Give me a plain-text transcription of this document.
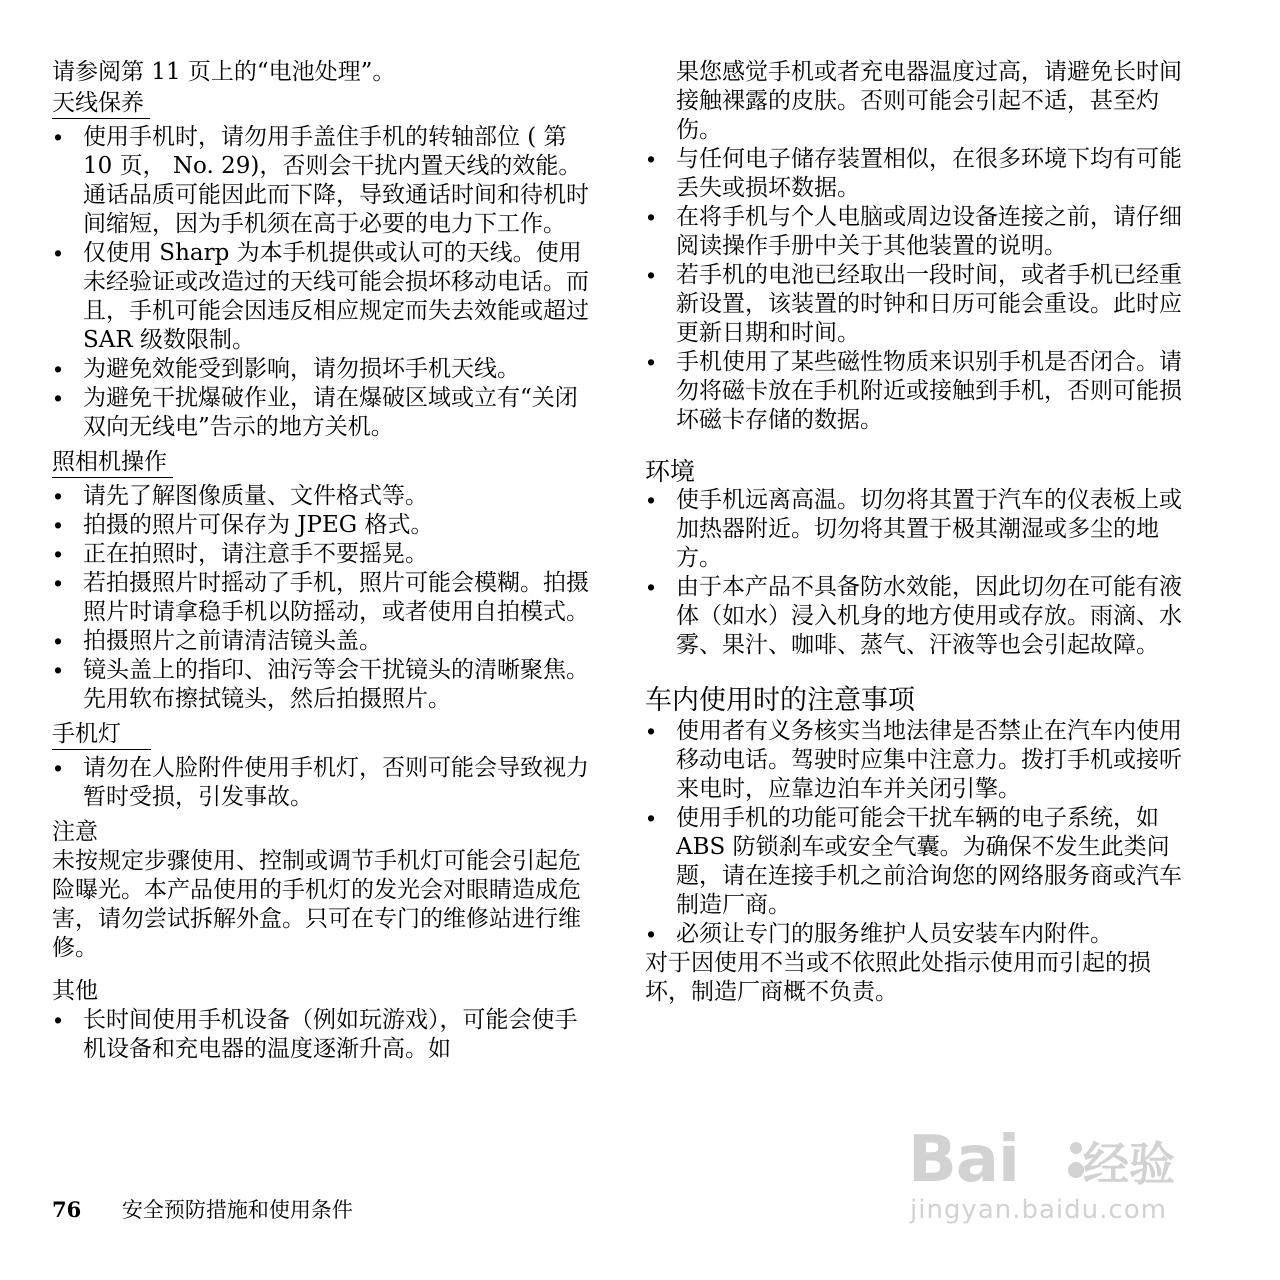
请参阅第 11 页上的“电池处理”。

天线保养
• 使用手机时，请勿用手盖住手机的转轴部位 ( 第 10 页， No. 29)，否则会干扰内置天线的效能。通话品质可能因此而下降，导致通话时间和待机时间缩短，因为手机须在高于必要的电力下工作。
• 仅使用 Sharp 为本手机提供或认可的天线。使用未经验证或改造过的天线可能会损坏移动电话。而且，手机可能会因违反相应规定而失去效能或超过 SAR 级数限制。
• 为避免效能受到影响，请勿损坏手机天线。
• 为避免干扰爆破作业，请在爆破区域或立有“关闭双向无线电”告示的地方关机。
照相机操作
• 请先了解图像质量、文件格式等。
• 拍摄的照片可保存为 JPEG 格式。
• 正在拍照时，请注意手不要摇晃。
• 若拍摄照片时摇动了手机，照片可能会模糊。拍摄照片时请拿稳手机以防摇动，或者使用自拍模式。
• 拍摄照片之前请清洁镜头盖。
• 镜头盖上的指印、油污等会干扰镜头的清晰聚焦。先用软布擦拭镜头，然后拍摄照片。
手机灯
• 请勿在人脸附件使用手机灯，否则可能会导致视力暂时受损，引发事故。
注意

未按规定步骤使用、控制或调节手机灯可能会引起危险曝光。本产品使用的手机灯的发光会对眼睛造成危害，请勿尝试拆解外盒。只可在专门的维修站进行维修。

其他
• 长时间使用手机设备（例如玩游戏），可能会使手机设备和充电器的温度逐渐升高。如

果您感觉手机或者充电器温度过高，请避免长时间接触裸露的皮肤。否则可能会引起不适，甚至灼伤。

• 与任何电子储存装置相似，在很多环境下均有可能丢失或损坏数据。
• 在将手机与个人电脑或周边设备连接之前，请仔细阅读操作手册中关于其他装置的说明。
• 若手机的电池已经取出一段时间，或者手机已经重新设置，该装置的时钟和日历可能会重设。此时应更新日期和时间。
• 手机使用了某些磁性物质来识别手机是否闭合。请勿将磁卡放在手机附近或接触到手机，否则可能损坏磁卡存储的数据。
环境
• 使手机远离高温。切勿将其置于汽车的仪表板上或加热器附近。切勿将其置于极其潮湿或多尘的地方。
• 由于本产品不具备防水效能，因此切勿在可能有液体（如水）浸入机身的地方使用或存放。雨滴、水雾、果汁、咖啡、蒸气、汗液等也会引起故障。
车内使用时的注意事项
• 使用者有义务核实当地法律是否禁止在汽车内使用移动电话。驾驶时应集中注意力。拨打手机或接听来电时，应靠边泊车并关闭引擎。
• 使用手机的功能可能会干扰车辆的电子系统，如 ABS 防锁刹车或安全气囊。为确保不发生此类问题，请在连接手机之前洽询您的网络服务商或汽车制造厂商。
• 必须让专门的服务维护人员安装车内附件。

对于因使用不当或不依照此处指示使用而引起的损坏，制造厂商概不负责。

76 安全预防措施和使用条件
Bai 经验
jingyan.baidu.com
